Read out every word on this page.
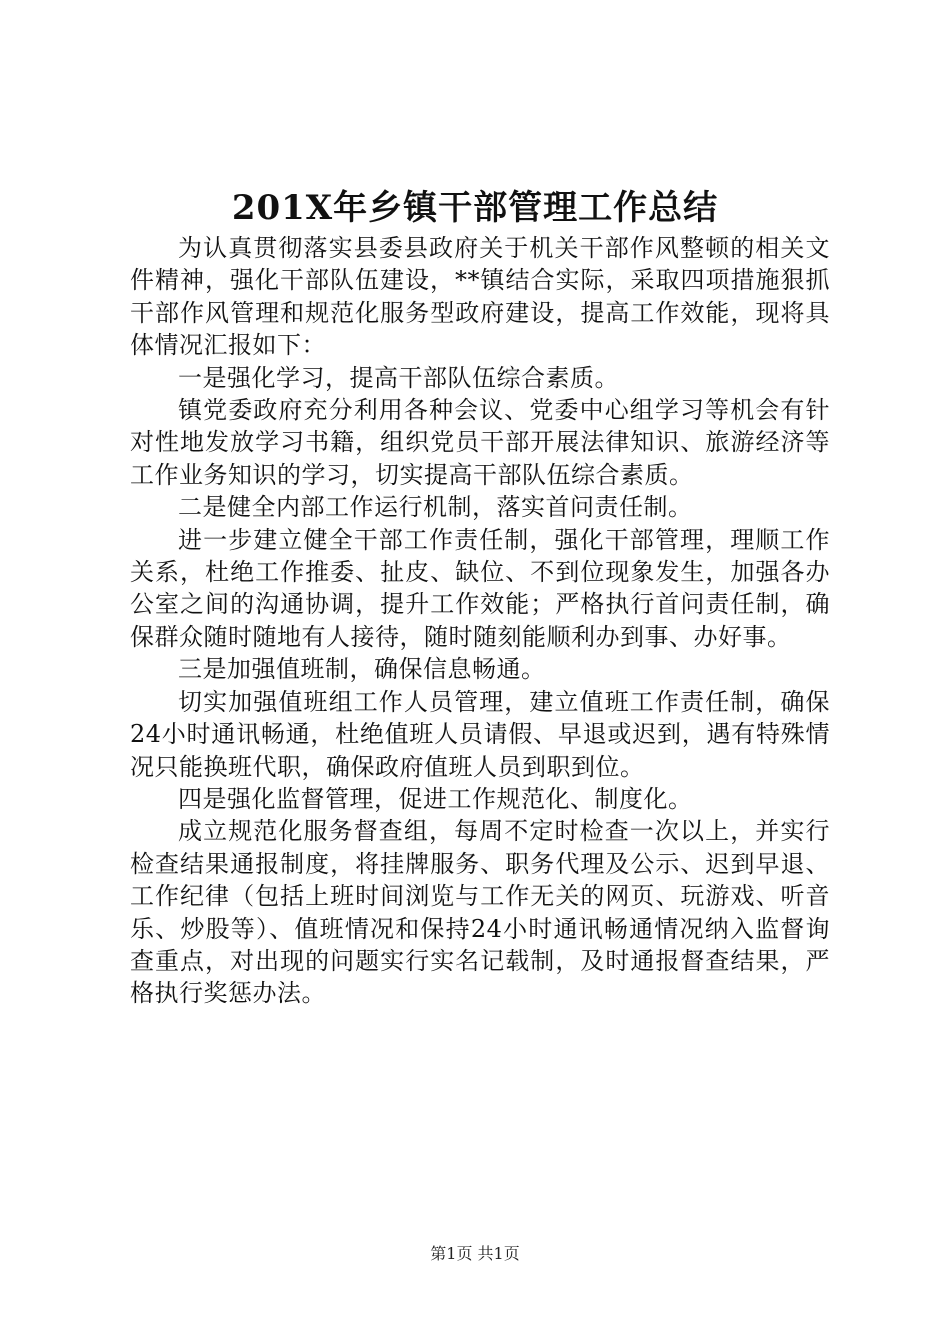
201X年乡镇干部管理工作总结

为认真贯彻落实县委县政府关于机关干部作风整顿的相关文件精神，强化干部队伍建设，**镇结合实际，采取四项措施狠抓干部作风管理和规范化服务型政府建设，提高工作效能，现将具体情况汇报如下：

一是强化学习，提高干部队伍综合素质。

镇党委政府充分利用各种会议、党委中心组学习等机会有针对性地发放学习书籍，组织党员干部开展法律知识、旅游经济等工作业务知识的学习，切实提高干部队伍综合素质。

二是健全内部工作运行机制，落实首问责任制。

进一步建立健全干部工作责任制，强化干部管理，理顺工作关系，杜绝工作推委、扯皮、缺位、不到位现象发生，加强各办公室之间的沟通协调，提升工作效能；严格执行首问责任制，确保群众随时随地有人接待，随时随刻能顺利办到事、办好事。

三是加强值班制，确保信息畅通。

切实加强值班组工作人员管理，建立值班工作责任制，确保24小时通讯畅通，杜绝值班人员请假、早退或迟到，遇有特殊情况只能换班代职，确保政府值班人员到职到位。

四是强化监督管理，促进工作规范化、制度化。

成立规范化服务督查组，每周不定时检查一次以上，并实行检查结果通报制度，将挂牌服务、职务代理及公示、迟到早退、工作纪律（包括上班时间浏览与工作无关的网页、玩游戏、听音乐、炒股等）、值班情况和保持24小时通讯畅通情况纳入监督询查重点，对出现的问题实行实名记载制，及时通报督查结果，严格执行奖惩办法。

第1页 共1页
